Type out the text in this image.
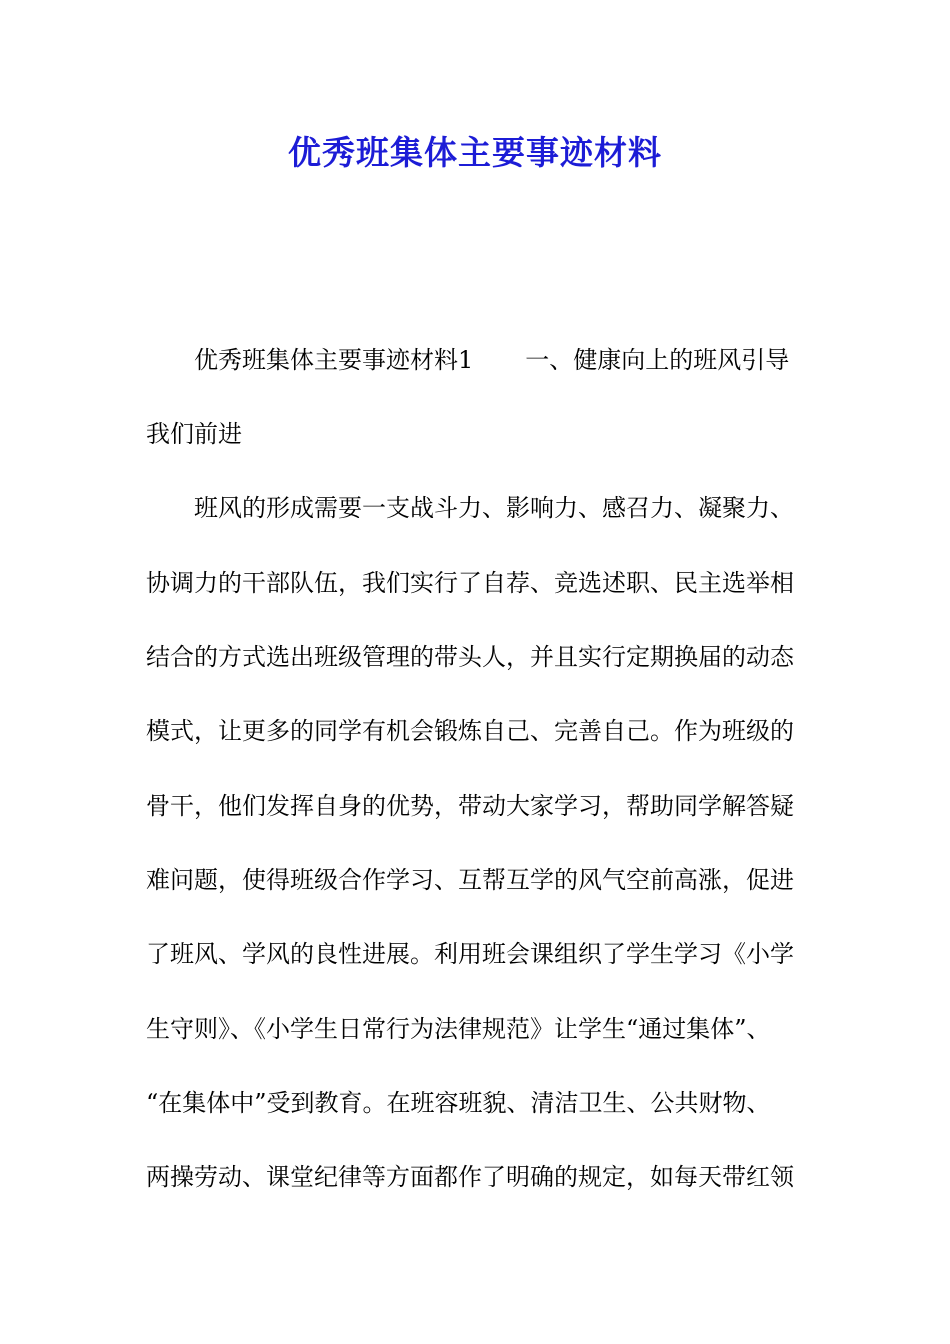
优秀班集体主要事迹材料

优秀班集体主要事迹材料1 一、健康向上的班风引导

我们前进

班风的形成需要一支战斗力、影响力、感召力、凝聚力、

协调力的干部队伍，我们实行了自荐、竞选述职、民主选举相

结合的方式选出班级管理的带头人，并且实行定期换届的动态

模式，让更多的同学有机会锻炼自己、完善自己。作为班级的

骨干，他们发挥自身的优势，带动大家学习，帮助同学解答疑

难问题，使得班级合作学习、互帮互学的风气空前高涨，促进

了班风、学风的良性进展。利用班会课组织了学生学习《小学

生守则》、《小学生日常行为法律规范》让学生“通过集体”、

“在集体中”受到教育。在班容班貌、清洁卫生、公共财物、

两操劳动、课堂纪律等方面都作了明确的规定，如每天带红领
